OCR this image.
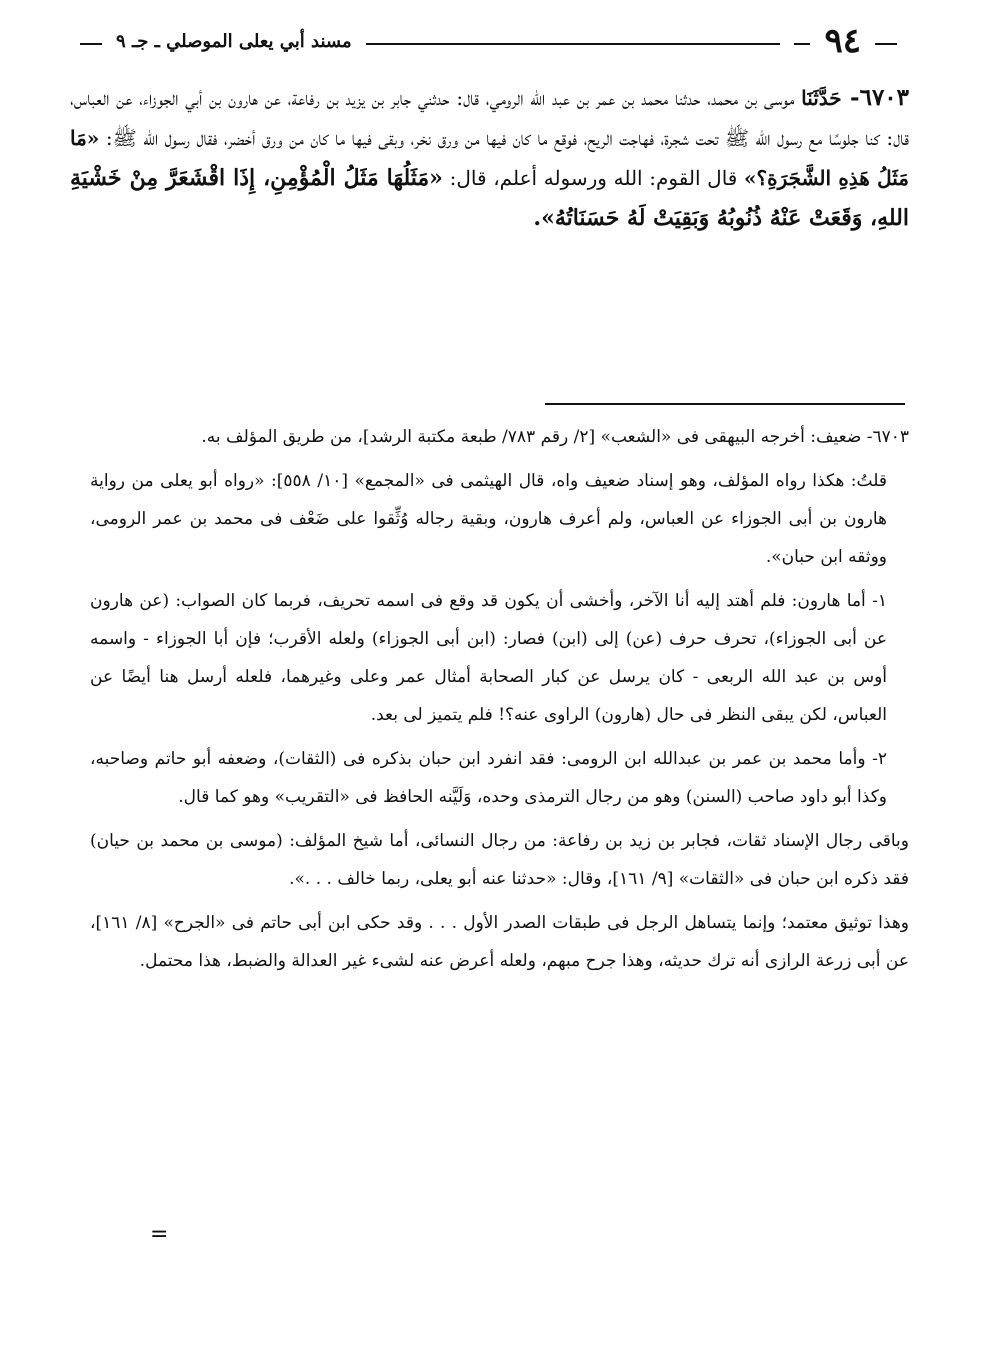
٩٤
مسند أبي يعلى الموصلي ـ جـ ٩
٦٧٠٣- حَدَّثَنَا موسى بن محمد، حدثنا محمد بن عمر بن عبد الله الرومي، قال: حدثني جابر بن يزيد بن رفاعة، عن هارون بن أبي الجوزاء، عن العباس، قال: كنا جلوسًا مع رسول الله ﷺ تحت شجرة، فهاجت الريح، فوقع ما كان فيها من ورق نخر، وبقى فيها ما كان من ورق أخضر، فقال رسول الله ﷺ: «مَا مَثَلُ هَذِهِ الشَّجَرَةِ؟» قال القوم: الله ورسوله أعلم، قال: «مَثَلُهَا مَثَلُ الْمُؤْمِنِ، إِذَا اقْشَعَرَّ مِنْ خَشْيَةِ اللهِ، وَقَعَتْ عَنْهُ ذُنُوبُهُ وَبَقِيَتْ لَهُ حَسَنَاتُهُ».

٦٧٠٣- ضعيف: أخرجه البيهقى فى «الشعب» [٢/ رقم ٧٨٣/ طبعة مكتبة الرشد]، من طريق المؤلف به.

قلتُ: هكذا رواه المؤلف، وهو إسناد ضعيف واه، قال الهيثمى فى «المجمع» [١٠/ ٥٥٨]: «رواه أبو يعلى من رواية هارون بن أبى الجوزاء عن العباس، ولم أعرف هارون، وبقية رجاله وُثِّقوا على ضَعْف فى محمد بن عمر الرومى، ووثقه ابن حبان».

١- أما هارون: فلم أهتد إليه أنا الآخر، وأخشى أن يكون قد وقع فى اسمه تحريف، فربما كان الصواب: (عن هارون عن أبى الجوزاء)، تحرف حرف (عن) إلى (ابن) فصار: (ابن أبى الجوزاء) ولعله الأقرب؛ فإن أبا الجوزاء - واسمه أوس بن عبد الله الربعى - كان يرسل عن كبار الصحابة أمثال عمر وعلى وغيرهما، فلعله أرسل هنا أيضًا عن العباس، لكن يبقى النظر فى حال (هارون) الراوى عنه؟! فلم يتميز لى بعد.

٢- وأما محمد بن عمر بن عبدالله ابن الرومى: فقد انفرد ابن حبان بذكره فى (الثقات)، وضعفه أبو حاتم وصاحبه، وكذا أبو داود صاحب (السنن) وهو من رجال الترمذى وحده، وَلَيَّنه الحافظ فى «التقريب» وهو كما قال.

وباقى رجال الإسناد ثقات، فجابر بن زيد بن رفاعة: من رجال النسائى، أما شيخ المؤلف: (موسى بن محمد بن حيان) فقد ذكره ابن حبان فى «الثقات» [٩/ ١٦١]، وقال: «حدثنا عنه أبو يعلى، ربما خالف . . .».

وهذا توثيق معتمد؛ وإنما يتساهل الرجل فى طبقات الصدر الأول . . . وقد حكى ابن أبى حاتم فى «الجرح» [٨/ ١٦١]، عن أبى زرعة الرازى أنه ترك حديثه، وهذا جرح مبهم، ولعله أعرض عنه لشىء غير العدالة والضبط، هذا محتمل.

=
